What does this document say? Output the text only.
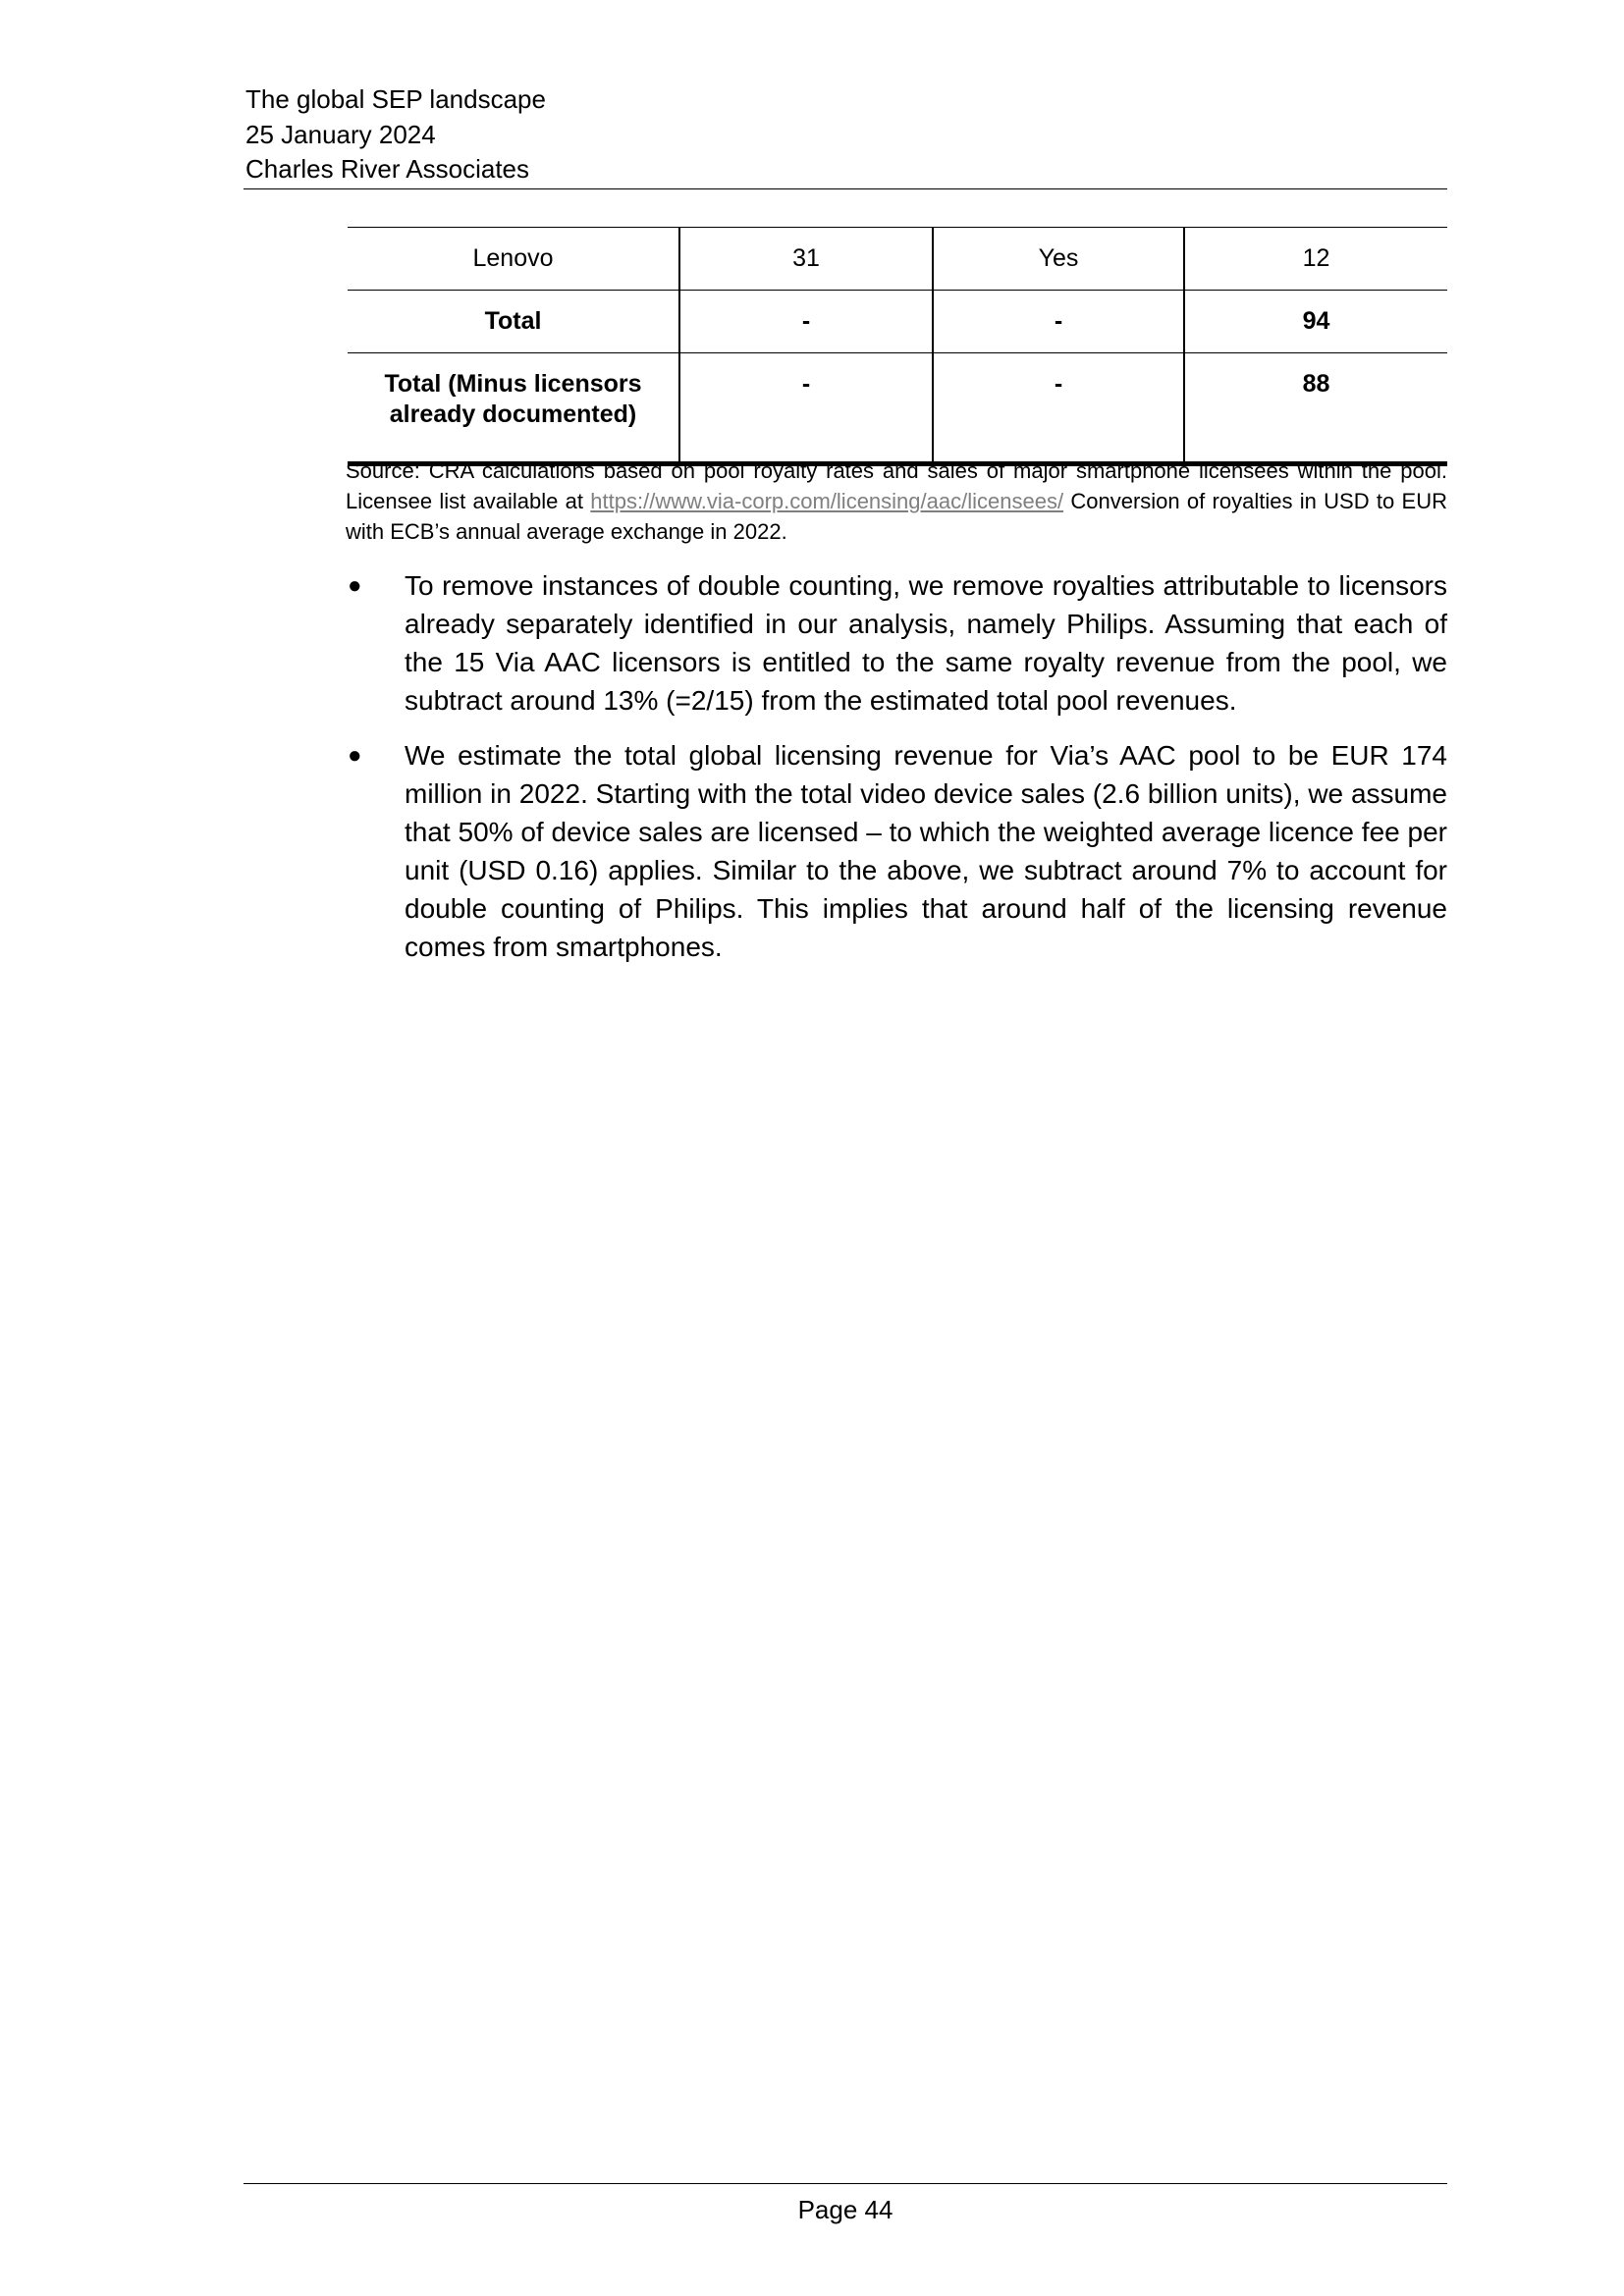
The global SEP landscape
25 January 2024
Charles River Associates
Lenovo	31	Yes	12
Total	-	-	94
Total (Minus licensors already documented)	-	-	88
Source: CRA calculations based on pool royalty rates and sales of major smartphone licensees within the pool. Licensee list available at https://www.via-corp.com/licensing/aac/licensees/ Conversion of royalties in USD to EUR with ECB’s annual average exchange in 2022.
● To remove instances of double counting, we remove royalties attributable to licensors already separately identified in our analysis, namely Philips. Assuming that each of the 15 Via AAC licensors is entitled to the same royalty revenue from the pool, we subtract around 13% (=2/15) from the estimated total pool revenues.
● We estimate the total global licensing revenue for Via’s AAC pool to be EUR 174 million in 2022. Starting with the total video device sales (2.6 billion units), we assume that 50% of device sales are licensed – to which the weighted average licence fee per unit (USD 0.16) applies. Similar to the above, we subtract around 7% to account for double counting of Philips. This implies that around half of the licensing revenue comes from smartphones.
Page 44
